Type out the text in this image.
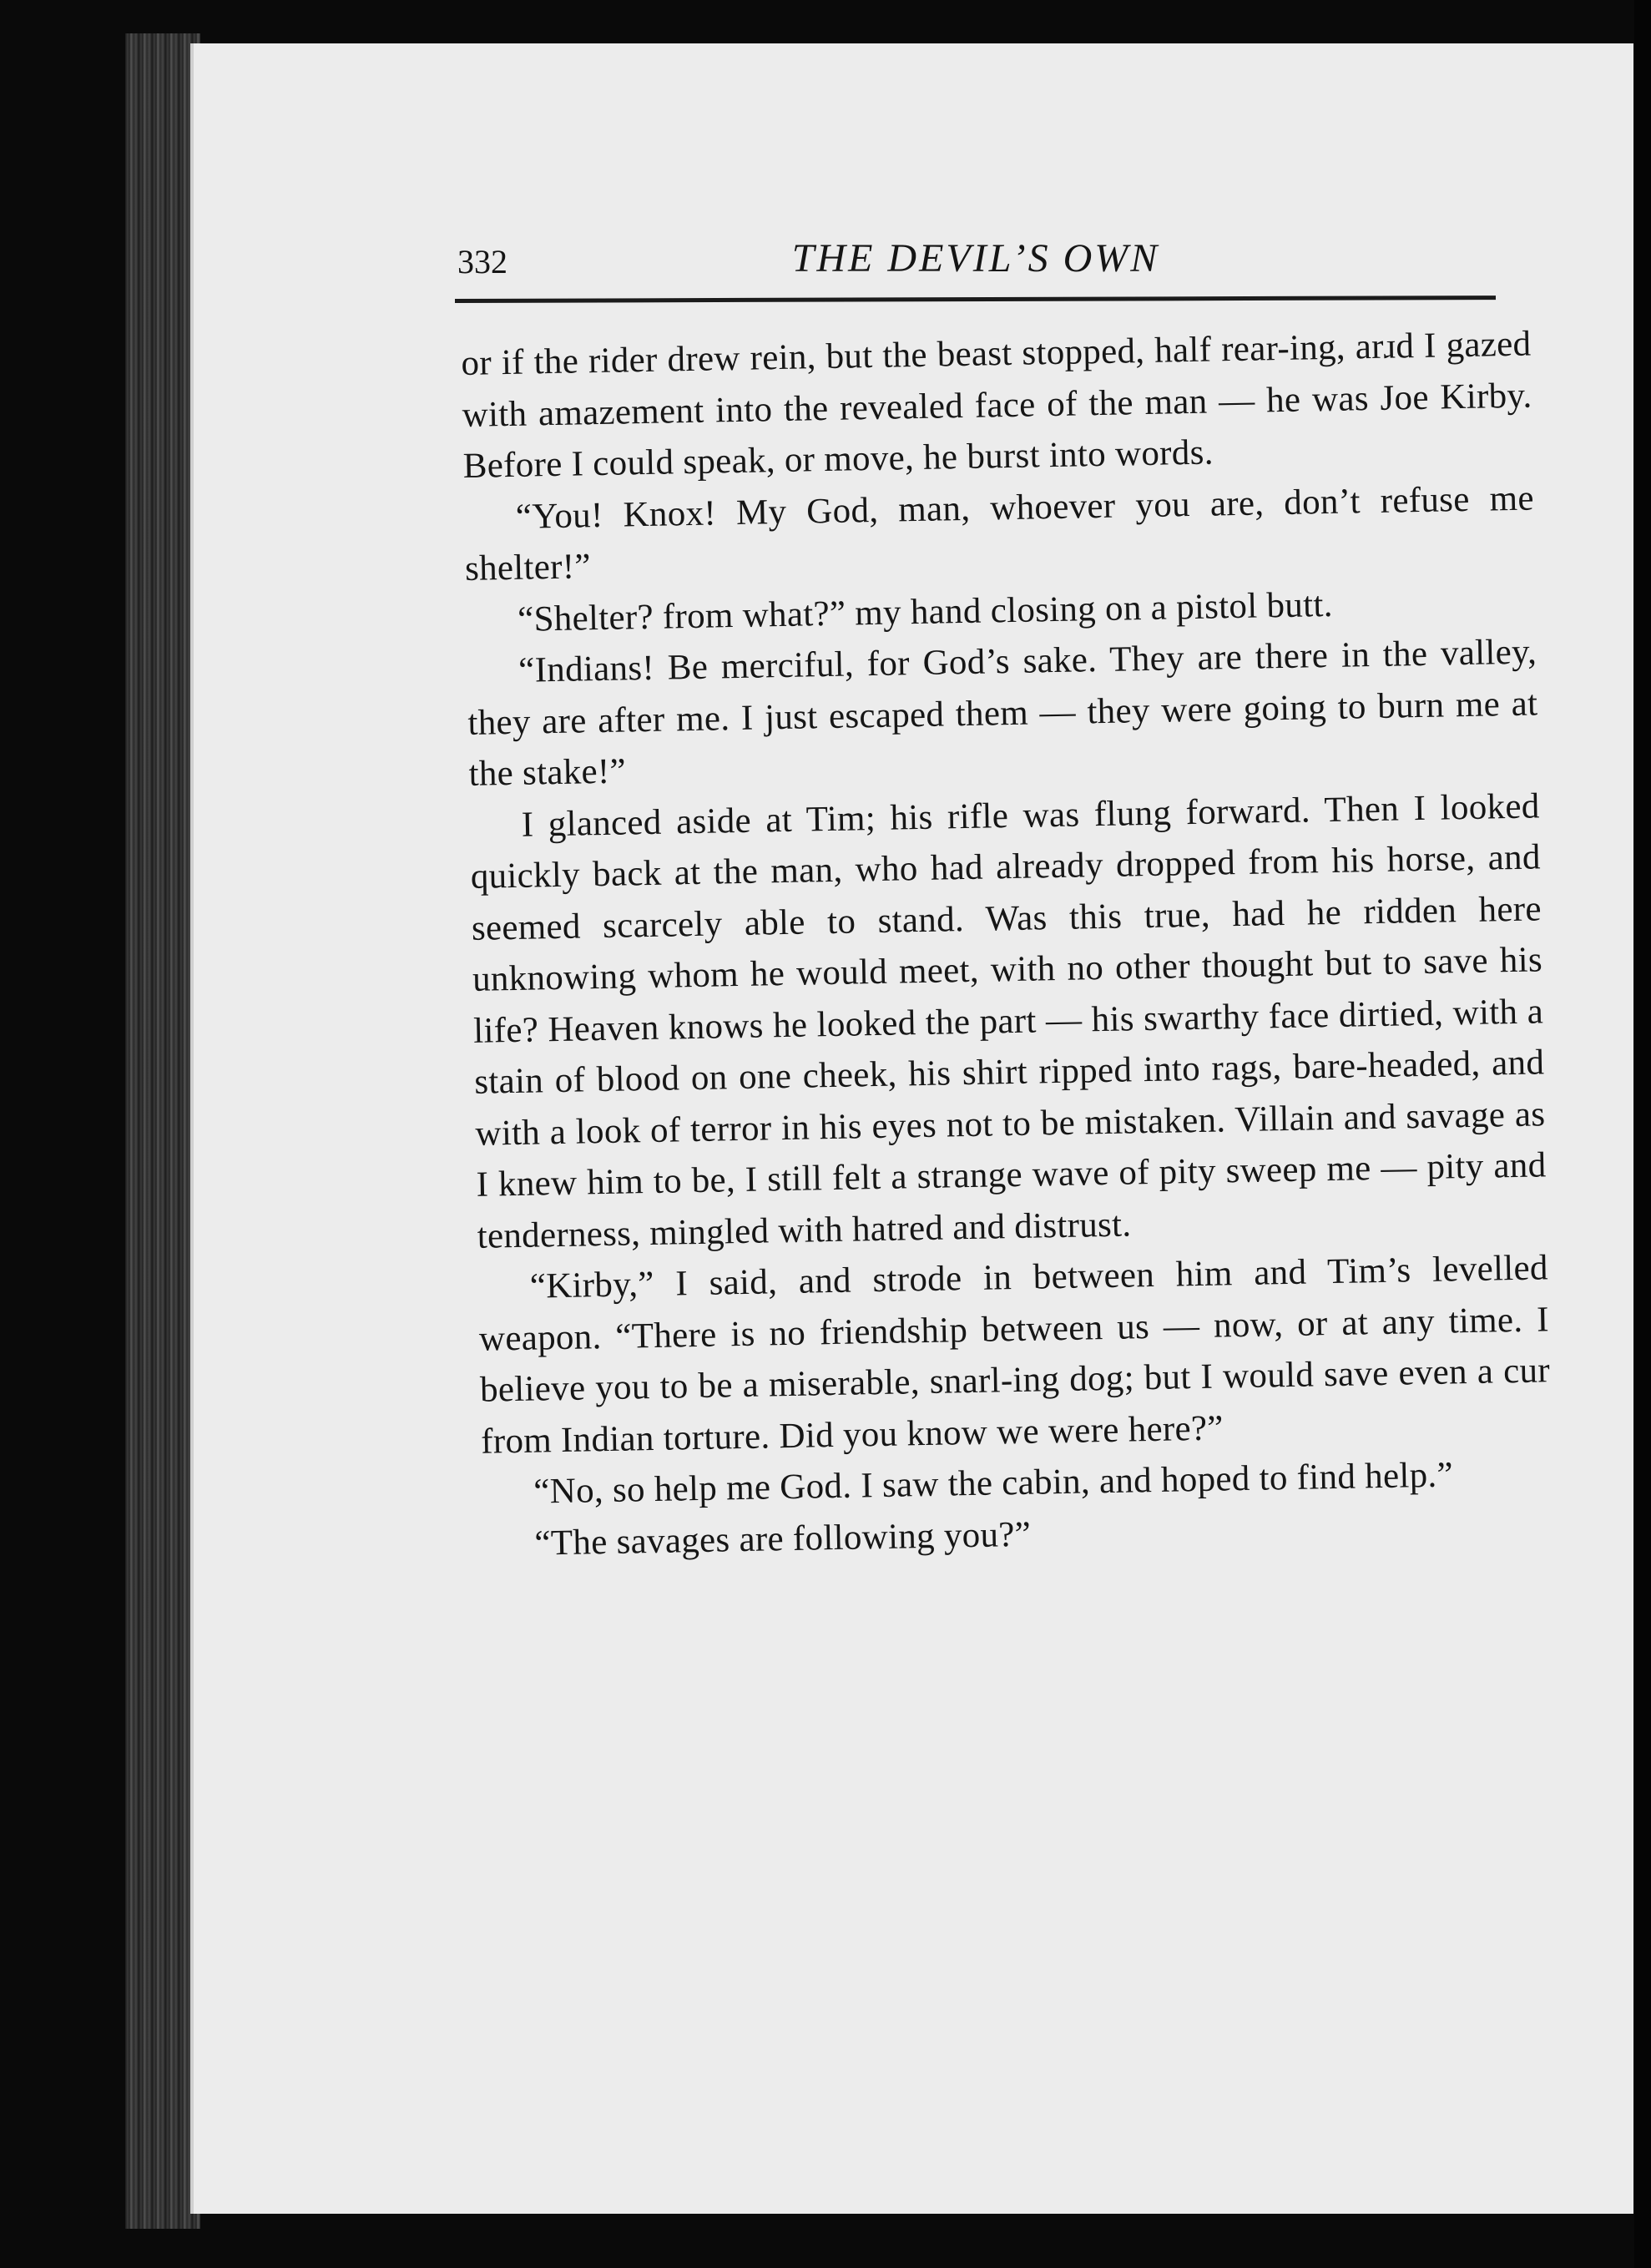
332	THE DEVIL’S OWN

or if the rider drew rein, but the beast stopped, half rear-ing, arɹd I gazed with amazement into the revealed face of the man — he was Joe Kirby. Before I could speak, or move, he burst into words.

“You! Knox! My God, man, whoever you are, don’t refuse me shelter!”

“Shelter? from what?” my hand closing on a pistol butt.

“Indians! Be merciful, for God’s sake. They are there in the valley, they are after me. I just escaped them — they were going to burn me at the stake!”

I glanced aside at Tim; his rifle was flung forward. Then I looked quickly back at the man, who had already dropped from his horse, and seemed scarcely able to stand. Was this true, had he ridden here unknowing whom he would meet, with no other thought but to save his life? Heaven knows he looked the part — his swarthy face dirtied, with a stain of blood on one cheek, his shirt ripped into rags, bare-headed, and with a look of terror in his eyes not to be mistaken. Villain and savage as I knew him to be, I still felt a strange wave of pity sweep me — pity and tenderness, mingled with hatred and distrust.

“Kirby,” I said, and strode in between him and Tim’s levelled weapon. “There is no friendship between us — now, or at any time. I believe you to be a miserable, snarl-ing dog; but I would save even a cur from Indian torture. Did you know we were here?”

“No, so help me God. I saw the cabin, and hoped to find help.”

“The savages are following you?”
